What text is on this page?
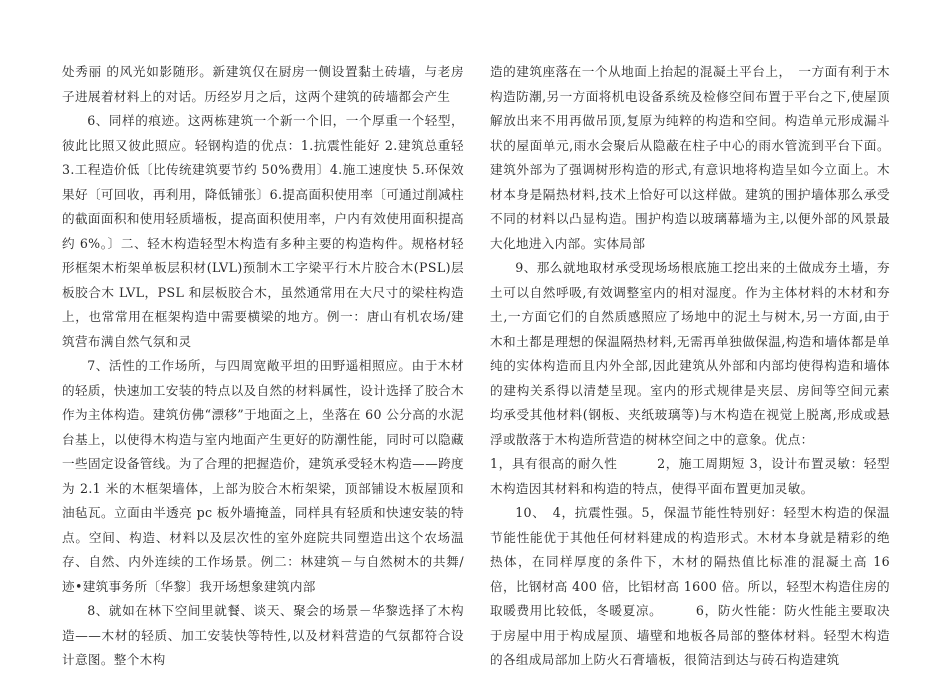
处秀丽 的风光如影随形。新建筑仅在厨房一侧设置黏土砖墙，与老房子进展着材料上的对话。历经岁月之后，这两个建筑的砖墙都会产生

6、同样的痕迹。这两栋建筑一个新一个旧，一个厚重一个轻型，彼此比照又彼此照应。轻钢构造的优点：1.抗震性能好 2.建筑总重轻 3.工程造价低〔比传统建筑要节约 50%费用〕4.施工速度快 5.环保效果好〔可回收，再利用，降低铺张〕6.提高面积使用率〔可通过削减柱的截面面积和使用轻质墙板，提高面积使用率，户内有效使用面积提高约 6%。〕二、轻木构造轻型木构造有多种主要的构造构件。规格材轻形框架木桁架单板层积材(LVL)预制木工字梁平行木片胶合木(PSL)层板胶合木 LVL，PSL 和层板胶合木，虽然通常用在大尺寸的梁柱构造上，也常常用在框架构造中需要横梁的地方。例一：唐山有机农场/建筑营布满自然气氛和灵

7、活性的工作场所，与四周宽敞平坦的田野遥相照应。由于木材的轻质，快速加工安装的特点以及自然的材料属性，设计选择了胶合木作为主体构造。建筑仿佛“漂移”于地面之上，坐落在 60 公分高的水泥台基上，以使得木构造与室内地面产生更好的防潮性能，同时可以隐藏一些固定设备管线。为了合理的把握造价，建筑承受轻木构造——跨度为 2.1 米的木框架墙体，上部为胶合木桁架梁，顶部铺设木板屋顶和油毡瓦。立面由半透亮 pc 板外墙掩盖，同样具有轻质和快速安装的特点。空间、构造、材料以及层次性的室外庭院共同塑造出这个农场温存、自然、内外连续的工作场景。例二：林建筑－与自然树木的共舞/迹•建筑事务所〔华黎〕我开场想象建筑内部

8、就如在林下空间里就餐、谈天、聚会的场景－华黎选择了木构造——木材的轻质、加工安装快等特性,以及材料营造的气氛都符合设计意图。整个木构

造的建筑座落在一个从地面上抬起的混凝土平台上，　一方面有利于木构造防潮,另一方面将机电设备系统及检修空间布置于平台之下,使屋顶解放出来不用再做吊顶,复原为纯粹的构造和空间。构造单元形成漏斗状的屋面单元,雨水会聚后从隐蔽在柱子中心的雨水管流到平台下面。建筑外部为了强调树形构造的形式,有意识地将构造呈如今立面上。木材本身是隔热材料,技术上恰好可以这样做。建筑的围护墙体那么承受不同的材料以凸显构造。围护构造以玻璃幕墙为主,以便外部的风景最大化地进入内部。实体局部

9、那么就地取材承受现场场根底施工挖出来的土做成夯土墙，夯土可以自然呼吸,有效调整室内的相对湿度。作为主体材料的木材和夯土,一方面它们的自然质感照应了场地中的泥土与树木,另一方面,由于木和土都是理想的保温隔热材料,无需再单独做保温,构造和墙体都是单纯的实体构造而且内外全部,因此建筑从外部和内部均使得构造和墙体的建构关系得以清楚呈现。室内的形式规律是夹层、房间等空间元素均承受其他材料(钢板、夹纸玻璃等)与木构造在视觉上脱离,形成或悬浮或散落于木构造所营造的树林空间之中的意象。优点：

1，具有很高的耐久性　　　2，施工周期短 3，设计布置灵敏：轻型木构造因其材料和构造的特点，使得平面布置更加灵敏。

10、　4，抗震性强。5，保温节能性特别好：轻型木构造的保温节能性能优于其他任何材料建成的构造形式。木材本身就是精彩的绝热体，在同样厚度的条件下，木材的隔热值比标准的混凝土高 16 倍，比钢材高 400 倍，比铝材高 1600 倍。所以，轻型木构造住房的取暖费用比较低，冬暖夏凉。　　　6，防火性能：防火性能主要取决于房屋中用于构成屋顶、墙壁和地板各局部的整体材料。轻型木构造的各组成局部加上防火石膏墙板，很简洁到达与砖石构造建筑
